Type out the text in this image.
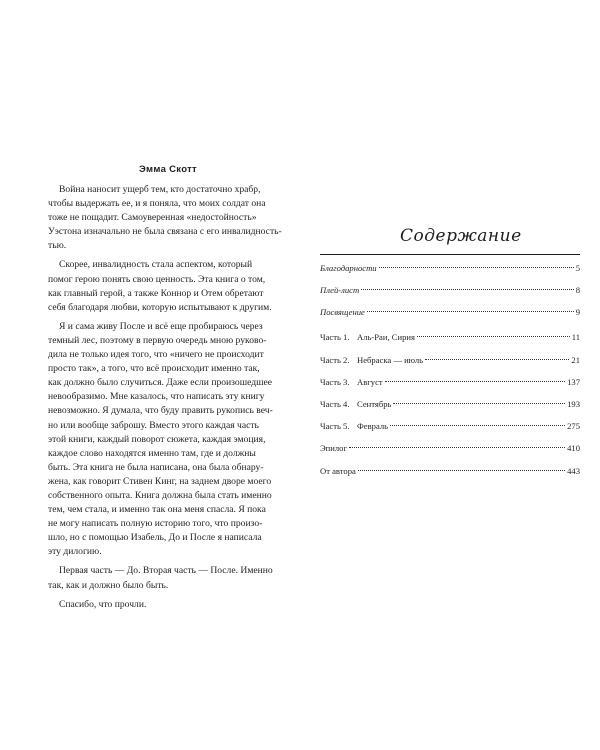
Эмма Скотт
Война наносит ущерб тем, кто достаточно храбр,
чтобы выдержать ее, и я поняла, что моих солдат она
тоже не пощадит. Самоуверенная «недостойность»
Уэстона изначально не была связана с его инвалидность-
тью.
Скорее, инвалидность стала аспектом, который
помог герою понять свою ценность. Эта книга о том,
как главный герой, а также Коннор и Отем обретают
себя благодаря любви, которую испытывают к другим.
Я и сама живу После и всё еще пробираюсь через
темный лес, поэтому в первую очередь мною руково-
дила не только идея того, что «ничего не происходит
просто так», а того, что всё происходит именно так,
как должно было случиться. Даже если произошедшее
невообразимо. Мне казалось, что написать эту книгу
невозможно. Я думала, что буду править рукопись веч-
но или вообще заброшу. Вместо этого каждая часть
этой книги, каждый поворот сюжета, каждая эмоция,
каждое слово находятся именно там, где и должны
быть. Эта книга не была написана, она была обнару-
жена, как говорит Стивен Кинг, на заднем дворе моего
собственного опыта. Книга должна была стать именно
тем, чем стала, и именно так она меня спасла. Я пока
не могу написать полную историю того, что произо-
шло, но с помощью Изабель, До и После я написала
эту дилогию.
Первая часть — До. Вторая часть — После. Именно
так, как и должно было быть.
Спасибо, что прочли.
Содержание
Благодарности	5
Плей-лист	8
Посвящение	9
Часть 1. Аль-Раи, Сирия	11
Часть 2. Небраска — июль	21
Часть 3. Август	137
Часть 4. Сентябрь	193
Часть 5. Февраль	275
Эпилог	410
От автора	443
